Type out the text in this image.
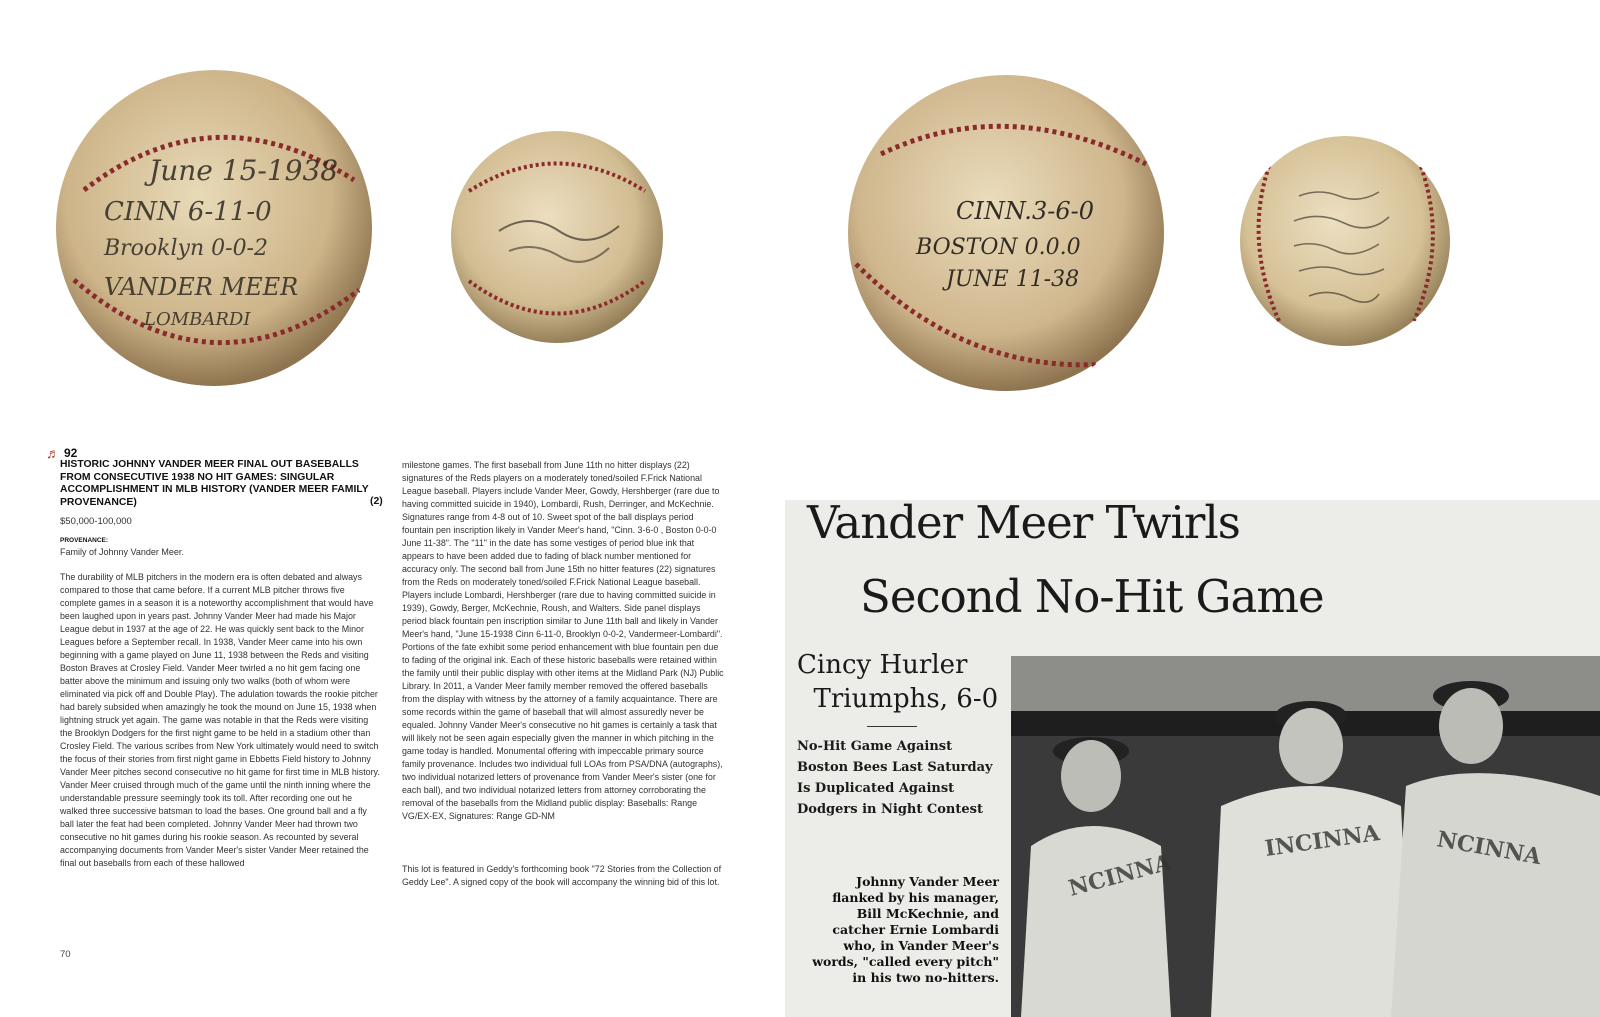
June 15-1938
CINN 6-11-0
Brooklyn 0-0-2
VANDER MEER
LOMBARDI
CINN.3-6-0
BOSTON 0.0.0
JUNE 11-38
♬ 92
HISTORIC JOHNNY VANDER MEER FINAL OUT BASEBALLS FROM CONSECUTIVE 1938 NO HIT GAMES: SINGULAR ACCOMPLISHMENT IN MLB HISTORY (VANDER MEER FAMILY PROVENANCE)	(2)
$50,000-100,000
PROVENANCE:
Family of Johnny Vander Meer.

The durability of MLB pitchers in the modern era is often debated and always compared to those that came before. If a current MLB pitcher throws five complete games in a season it is a noteworthy accomplishment that would have been laughed upon in years past. Johnny Vander Meer had made his Major League debut in 1937 at the age of 22. He was quickly sent back to the Minor Leagues before a September recall. In 1938, Vander Meer came into his own beginning with a game played on June 11, 1938 between the Reds and visiting Boston Braves at Crosley Field. Vander Meer twirled a no hit gem facing one batter above the minimum and issuing only two walks (both of whom were eliminated via pick off and Double Play). The adulation towards the rookie pitcher had barely subsided when amazingly he took the mound on June 15, 1938 when lightning struck yet again. The game was notable in that the Reds were visiting the Brooklyn Dodgers for the first night game to be held in a stadium other than Crosley Field. The various scribes from New York ultimately would need to switch the focus of their stories from first night game in Ebbetts Field history to Johnny Vander Meer pitches second consecutive no hit game for first time in MLB history. Vander Meer cruised through much of the game until the ninth inning where the understandable pressure seemingly took its toll. After recording one out he walked three successive batsman to load the bases. One ground ball and a fly ball later the feat had been completed. Johnny Vander Meer had thrown two consecutive no hit games during his rookie season. As recounted by several accompanying documents from Vander Meer's sister Vander Meer retained the final out baseballs from each of these hallowed

milestone games. The first baseball from June 11th no hitter displays (22) signatures of the Reds players on a moderately toned/soiled F.Frick National League baseball. Players include Vander Meer, Gowdy, Hershberger (rare due to having committed suicide in 1940), Lombardi, Rush, Derringer, and McKechnie. Signatures range from 4-8 out of 10. Sweet spot of the ball displays period fountain pen inscription likely in Vander Meer's hand, "Cinn. 3-6-0 , Boston 0-0-0 June 11-38". The "11" in the date has some vestiges of period blue ink that appears to have been added due to fading of black number mentioned for accuracy only. The second ball from June 15th no hitter features (22) signatures from the Reds on moderately toned/soiled F.Frick National League baseball. Players include Lombardi, Hershberger (rare due to having committed suicide in 1939), Gowdy, Berger, McKechnie, Roush, and Walters. Side panel displays period black fountain pen inscription similar to June 11th ball and likely in Vander Meer's hand, "June 15-1938 Cinn 6-11-0, Brooklyn 0-0-2, Vandermeer-Lombardi". Portions of the fate exhibit some period enhancement with blue fountain pen due to fading of the original ink. Each of these historic baseballs were retained within the family until their public display with other items at the Midland Park (NJ) Public Library. In 2011, a Vander Meer family member removed the offered baseballs from the display with witness by the attorney of a family acquaintance. There are some records within the game of baseball that will almost assuredly never be equaled. Johnny Vander Meer's consecutive no hit games is certainly a task that will likely not be seen again especially given the manner in which pitching in the game today is handled. Monumental offering with impeccable primary source family provenance. Includes two individual full LOAs from PSA/DNA (autographs), two individual notarized letters of provenance from Vander Meer's sister (one for each ball), and two individual notarized letters from attorney corroborating the removal of the baseballs from the Midland public display: Baseballs: Range VG/EX-EX, Signatures: Range GD-NM

This lot is featured in Geddy's forthcoming book "72 Stories from the Collection of Geddy Lee". A signed copy of the book will accompany the winning bid of this lot.

70
Vander Meer Twirls
Second No-Hit Game
Cincy Hurler
Triumphs, 6-0
No-Hit Game Against Boston Bees Last Saturday Is Duplicated Against Dodgers in Night Contest
Johnny Vander Meer flanked by his manager, Bill McKechnie, and catcher Ernie Lombardi who, in Vander Meer's words, "called every pitch" in his two no-hitters.
NCINNA
INCINNA NCINNA
